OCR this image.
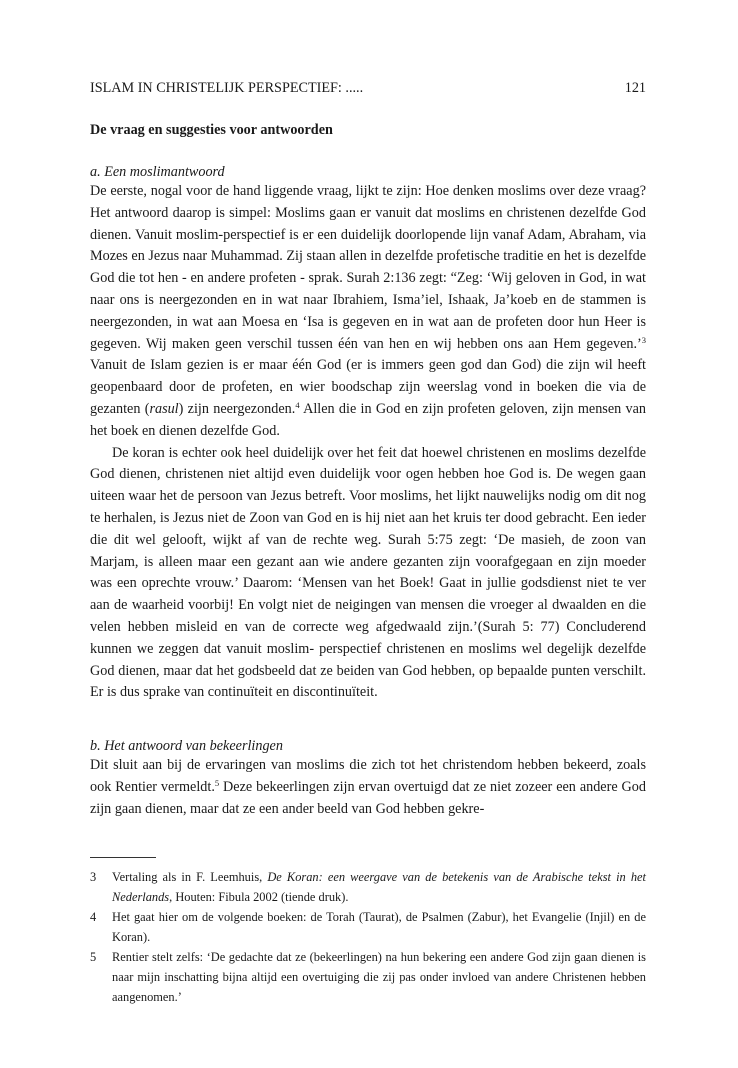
ISLAM IN CHRISTELIJK PERSPECTIEF: .....	121
De vraag en suggesties voor antwoorden
a. Een moslimantwoord

De eerste, nogal voor de hand liggende vraag, lijkt te zijn: Hoe denken moslims over deze vraag? Het antwoord daarop is simpel: Moslims gaan er vanuit dat moslims en christenen dezelfde God dienen. Vanuit moslim-perspectief is er een duidelijk doorlopende lijn vanaf Adam, Abraham, via Mozes en Jezus naar Muhammad. Zij staan allen in dezelfde profetische traditie en het is dezelfde God die tot hen - en andere profeten - sprak. Surah 2:136 zegt: “Zeg: ‘Wij geloven in God, in wat naar ons is neergezonden en in wat naar Ibrahiem, Isma’iel, Ishaak, Ja’koeb en de stammen is neergezonden, in wat aan Moesa en ‘Isa is gegeven en in wat aan de profeten door hun Heer is gegeven. Wij maken geen verschil tussen één van hen en wij hebben ons aan Hem gegeven.’$^3$ Vanuit de Islam gezien is er maar één God (er is immers geen god dan God) die zijn wil heeft geopenbaard door de profeten, en wier boodschap zijn weerslag vond in boeken die via de gezanten (rasul) zijn neergezonden.$^4$ Allen die in God en zijn profeten geloven, zijn mensen van het boek en dienen dezelfde God.

De koran is echter ook heel duidelijk over het feit dat hoewel christenen en moslims dezelfde God dienen, christenen niet altijd even duidelijk voor ogen hebben hoe God is. De wegen gaan uiteen waar het de persoon van Jezus betreft. Voor moslims, het lijkt nauwelijks nodig om dit nog te herhalen, is Jezus niet de Zoon van God en is hij niet aan het kruis ter dood gebracht. Een ieder die dit wel gelooft, wijkt af van de rechte weg. Surah 5:75 zegt: ‘De masieh, de zoon van Marjam, is alleen maar een gezant aan wie andere gezanten zijn voorafgegaan en zijn moeder was een oprechte vrouw.’ Daarom: ‘Mensen van het Boek! Gaat in jullie godsdienst niet te ver aan de waarheid voorbij! En volgt niet de neigingen van mensen die vroeger al dwaalden en die velen hebben misleid en van de correcte weg afgedwaald zijn.’(Surah 5: 77) Concluderend kunnen we zeggen dat vanuit moslim- perspectief christenen en moslims wel degelijk dezelfde God dienen, maar dat het godsbeeld dat ze beiden van God hebben, op bepaalde punten verschilt. Er is dus sprake van continuïteit en discontinuïteit.

b. Het antwoord van bekeerlingen

Dit sluit aan bij de ervaringen van moslims die zich tot het christendom hebben bekeerd, zoals ook Rentier vermeldt.$^5$ Deze bekeerlingen zijn ervan overtuigd dat ze niet zozeer een andere God zijn gaan dienen, maar dat ze een ander beeld van God hebben gekre-

3 Vertaling als in F. Leemhuis, De Koran: een weergave van de betekenis van de Arabische tekst in het Nederlands, Houten: Fibula 2002 (tiende druk).
4 Het gaat hier om de volgende boeken: de Torah (Taurat), de Psalmen (Zabur), het Evangelie (Injil) en de Koran).
5 Rentier stelt zelfs: ‘De gedachte dat ze (bekeerlingen) na hun bekering een andere God zijn gaan dienen is naar mijn inschatting bijna altijd een overtuiging die zij pas onder invloed van andere Christenen hebben aangenomen.’
